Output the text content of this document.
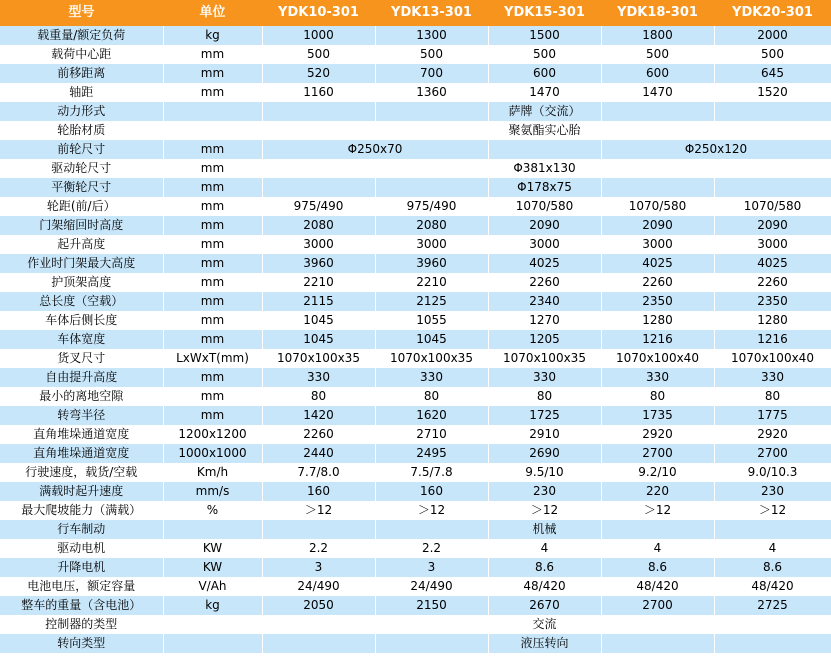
型号	单位	YDK10-301	YDK13-301	YDK15-301	YDK18-301	YDK20-301
载重量/额定负荷	kg	1000	1300	1500	1800	2000
载荷中心距	mm	500	500	500	500	500
前移距离	mm	520	700	600	600	645
轴距	mm	1160	1360	1470	1470	1520
动力形式				萨牌（交流）		
轮胎材质				聚氨酯实心胎		
前轮尺寸	mm	Φ250x70			Φ250x120	
驱动轮尺寸	mm			Φ381x130		
平衡轮尺寸	mm			Φ178x75		
轮距(前/后）	mm	975/490	975/490	1070/580	1070/580	1070/580
门架缩回时高度	mm	2080	2080	2090	2090	2090
起升高度	mm	3000	3000	3000	3000	3000
作业时门架最大高度	mm	3960	3960	4025	4025	4025
护顶架高度	mm	2210	2210	2260	2260	2260
总长度（空载）	mm	2115	2125	2340	2350	2350
车体后侧长度	mm	1045	1055	1270	1280	1280
车体宽度	mm	1045	1045	1205	1216	1216
货叉尺寸	LxWxT(mm)	1070x100x35	1070x100x35	1070x100x35	1070x100x40	1070x100x40
自由提升高度	mm	330	330	330	330	330
最小的离地空隙	mm	80	80	80	80	80
转弯半径	mm	1420	1620	1725	1735	1775
直角堆垛通道宽度	1200x1200	2260	2710	2910	2920	2920
直角堆垛通道宽度	1000x1000	2440	2495	2690	2700	2700
行驶速度，载货/空载	Km/h	7.7/8.0	7.5/7.8	9.5/10	9.2/10	9.0/10.3
满载时起升速度	mm/s	160	160	230	220	230
最大爬坡能力（满载）	%	＞12	＞12	＞12	＞12	＞12
行车制动				机械		
驱动电机	KW	2.2	2.2	4	4	4
升降电机	KW	3	3	8.6	8.6	8.6
电池电压，额定容量	V/Ah	24/490	24/490	48/420	48/420	48/420
整车的重量（含电池）	kg	2050	2150	2670	2700	2725
控制器的类型				交流		
转向类型				液压转向		
